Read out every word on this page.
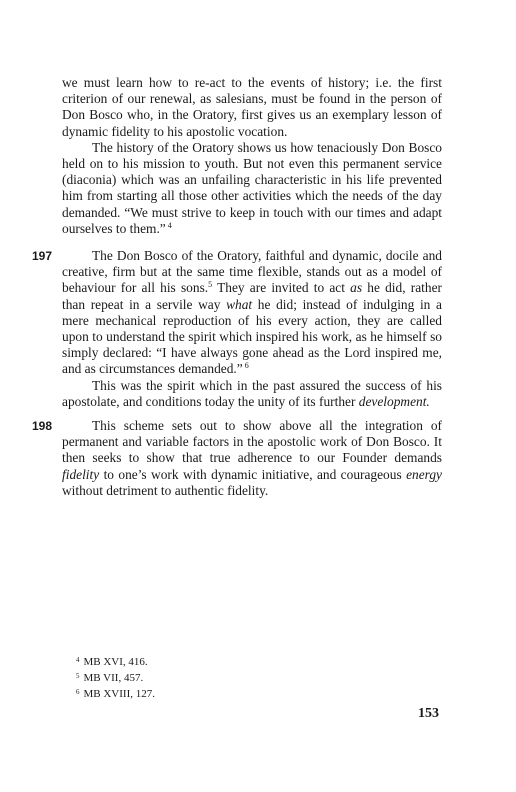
we must learn how to re-act to the events of history; i.e. the first criterion of our renewal, as salesians, must be found in the person of Don Bosco who, in the Oratory, first gives us an exemplary lesson of dynamic fidelity to his apostolic vocation.

The history of the Oratory shows us how tenaciously Don Bosco held on to his mission to youth. But not even this permanent service (diaconia) which was an unfailing characteristic in his life prevented him from starting all those other activities which the needs of the day demanded. “We must strive to keep in touch with our times and adapt ourselves to them.” $^4$

197	The Don Bosco of the Oratory, faithful and dynamic, docile and creative, firm but at the same time flexible, stands out as a model of behaviour for all his sons.$^5$ They are invited to act as he did, rather than repeat in a servile way what he did; instead of indulging in a mere mechanical reproduction of his every action, they are called upon to understand the spirit which inspired his work, as he himself so simply declared: “I have always gone ahead as the Lord inspired me, and as circumstances demanded.” $^6$

This was the spirit which in the past assured the success of his apostolate, and conditions today the unity of its further development.

198	This scheme sets out to show above all the integration of permanent and variable factors in the apostolic work of Don Bosco. It then seeks to show that true adherence to our Founder demands fidelity to one’s work with dynamic initiative, and courageous energy without detriment to authentic fidelity.

$^4$ MB XVI, 416.
$^5$ MB VII, 457.
$^6$ MB XVIII, 127.
153
